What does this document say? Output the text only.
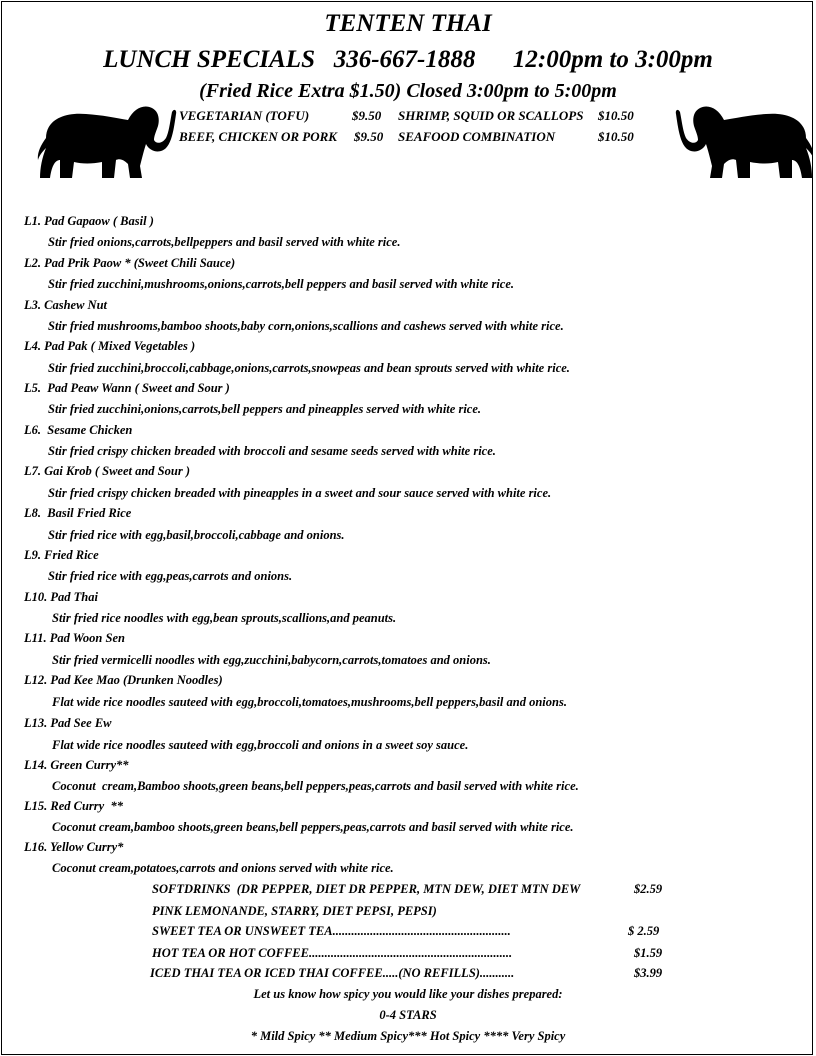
TENTEN THAI
LUNCH SPECIALS   336-667-1888      12:00pm to 3:00pm
(Fried Rice Extra $1.50) Closed 3:00pm to 5:00pm
VEGETARIAN (TOFU)	$9.50 SHRIMP, SQUID OR SCALLOPS $10.50
BEEF, CHICKEN OR PORK $9.50 SEAFOOD COMBINATION	$10.50
L1. Pad Gapaow ( Basil )
Stir fried onions,carrots,bellpeppers and basil served with white rice.
L2. Pad Prik Paow * (Sweet Chili Sauce)
Stir fried zucchini,mushrooms,onions,carrots,bell peppers and basil served with white rice.
L3. Cashew Nut
Stir fried mushrooms,bamboo shoots,baby corn,onions,scallions and cashews served with white rice.
L4. Pad Pak ( Mixed Vegetables )
Stir fried zucchini,broccoli,cabbage,onions,carrots,snowpeas and bean sprouts served with white rice.
L5.  Pad Peaw Wann ( Sweet and Sour )
Stir fried zucchini,onions,carrots,bell peppers and pineapples served with white rice.
L6.  Sesame Chicken
Stir fried crispy chicken breaded with broccoli and sesame seeds served with white rice.
L7. Gai Krob ( Sweet and Sour )
Stir fried crispy chicken breaded with pineapples in a sweet and sour sauce served with white rice.
L8.  Basil Fried Rice
Stir fried rice with egg,basil,broccoli,cabbage and onions.
L9. Fried Rice
Stir fried rice with egg,peas,carrots and onions.
L10. Pad Thai
Stir fried rice noodles with egg,bean sprouts,scallions,and peanuts.
L11. Pad Woon Sen
Stir fried vermicelli noodles with egg,zucchini,babycorn,carrots,tomatoes and onions.
L12. Pad Kee Mao (Drunken Noodles)
Flat wide rice noodles sauteed with egg,broccoli,tomatoes,mushrooms,bell peppers,basil and onions.
L13. Pad See Ew
Flat wide rice noodles sauteed with egg,broccoli and onions in a sweet soy sauce.
L14. Green Curry**
Coconut  cream,Bamboo shoots,green beans,bell peppers,peas,carrots and basil served with white rice.
L15. Red Curry  **
Coconut cream,bamboo shoots,green beans,bell peppers,peas,carrots and basil served with white rice.
L16. Yellow Curry*
Coconut cream,potatoes,carrots and onions served with white rice.
SOFTDRINKS  (DR PEPPER, DIET DR PEPPER, MTN DEW, DIET MTN DEW	$2.59
PINK LEMONANDE, STARRY, DIET PEPSI, PEPSI)
SWEET TEA OR UNSWEET TEA.........................................................	$ 2.59
HOT TEA OR HOT COFFEE.................................................................	$1.59
ICED THAI TEA OR ICED THAI COFFEE.....(NO REFILLS)...........	$3.99
Let us know how spicy you would like your dishes prepared:
0-4 STARS
* Mild Spicy ** Medium Spicy*** Hot Spicy **** Very Spicy
